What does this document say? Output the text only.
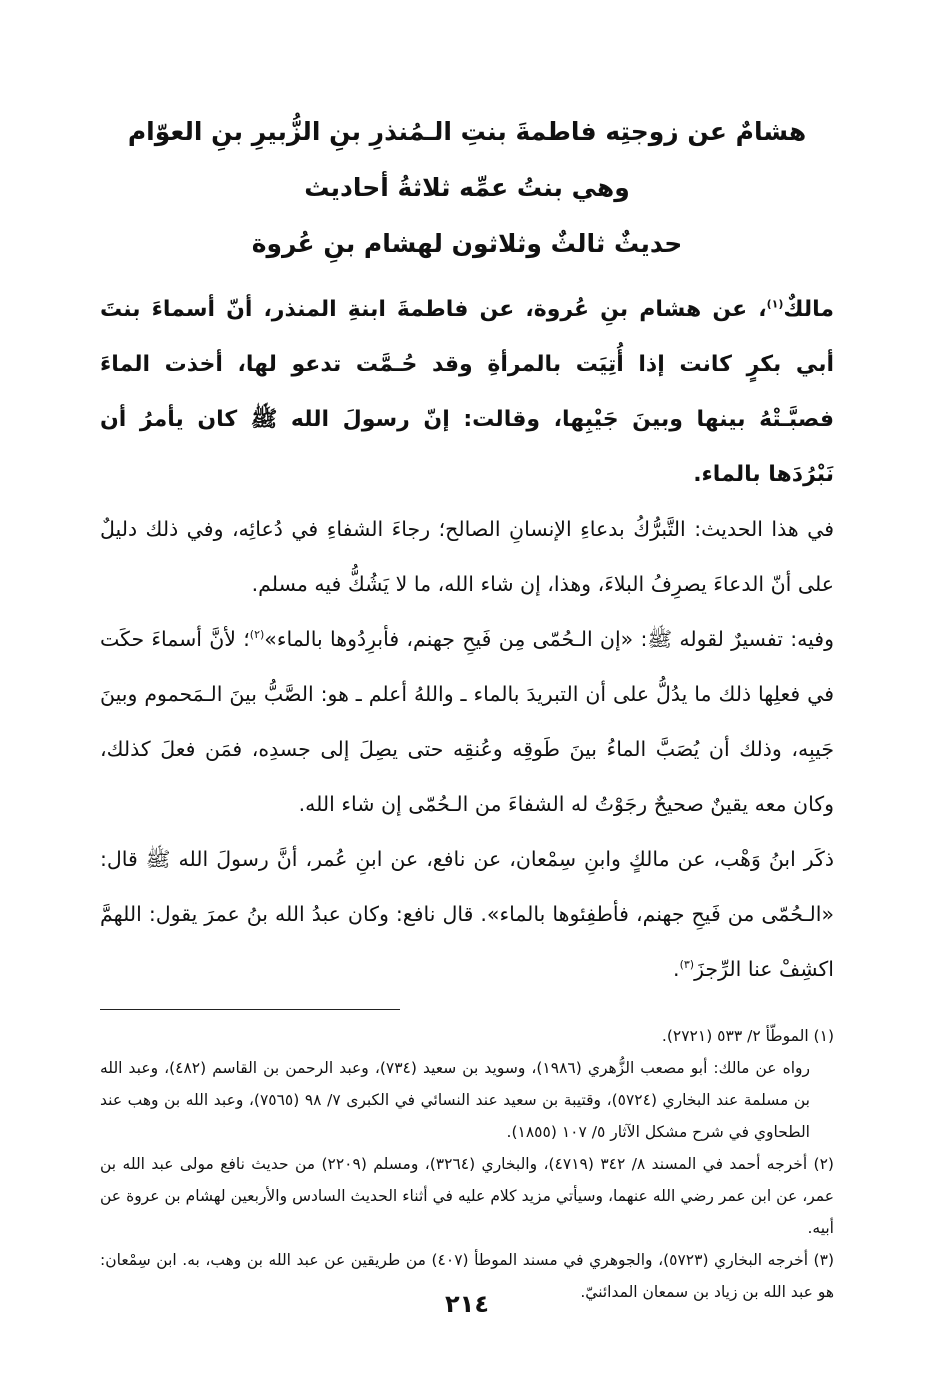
هشامٌ عن زوجتِه فاطمةَ بنتِ الـمُنذرِ بنِ الزُّبيرِ بنِ العوّام

وهي بنتُ عمِّه ثلاثةُ أحاديث

حديثٌ ثالثٌ وثلاثون لهشام بنِ عُروة

مالكٌ$^{(١)}$، عن هشام بنِ عُروة، عن فاطمةَ ابنةِ المنذر، أنّ أسماءَ بنتَ أبي بكرٍ كانت إذا أُتِيَت بالمرأةِ وقد حُـمَّت تدعو لها، أخذت الماءَ فصبَّـتْهُ بينها وبينَ جَيْبِها، وقالت: إنّ رسولَ الله ﷺ كان يأمرُ أن نَبْرُدَها بالماء.

في هذا الحديث: التَّبرُّكُ بدعاءِ الإنسانِ الصالح؛ رجاءَ الشفاءِ في دُعائِه، وفي ذلك دليلٌ على أنّ الدعاءَ يصرِفُ البلاءَ، وهذا، إن شاء الله، ما لا يَشُكُّ فيه مسلم.

وفيه: تفسيرٌ لقوله ﷺ: «إن الـحُمّى مِن فَيحِ جهنم، فأبرِدُوها بالماء»$^{(٢)}$؛ لأنَّ أسماءَ حكَت في فعلِها ذلك ما يدُلُّ على أن التبريدَ بالماء ـ واللهُ أعلم ـ هو: الصَّبُّ بينَ الـمَحموم وبينَ جَيبِه، وذلك أن يُصَبَّ الماءُ بينَ طَوقِه وعُنقِه حتى يصِلَ إلى جسدِه، فمَن فعلَ كذلك، وكان معه يقينٌ صحيحٌ رجَوْتُ له الشفاءَ من الـحُمّى إن شاء الله.

ذكَر ابنُ وَهْب، عن مالكٍ وابنِ سِمْعان، عن نافع، عن ابنِ عُمر، أنَّ رسولَ الله ﷺ قال: «الـحُمّى من فَيحِ جهنم، فأطفِئوها بالماء». قال نافع: وكان عبدُ الله بنُ عمرَ يقول: اللهمَّ اكشِفْ عنا الرِّجزَ$^{(٣)}$.

(١) الموطّأ ٢/ ٥٣٣ (٢٧٢١).

رواه عن مالك: أبو مصعب الزُّهري (١٩٨٦)، وسويد بن سعيد (٧٣٤)، وعبد الرحمن بن القاسم (٤٨٢)، وعبد الله بن مسلمة عند البخاري (٥٧٢٤)، وقتيبة بن سعيد عند النسائي في الكبرى ٧/ ٩٨ (٧٥٦٥)، وعبد الله بن وهب عند الطحاوي في شرح مشكل الآثار ٥/ ١٠٧ (١٨٥٥).

(٢) أخرجه أحمد في المسند ٨/ ٣٤٢ (٤٧١٩)، والبخاري (٣٢٦٤)، ومسلم (٢٢٠٩) من حديث نافع مولى عبد الله بن عمر، عن ابن عمر رضي الله عنهما، وسيأتي مزيد كلام عليه في أثناء الحديث السادس والأربعين لهشام بن عروة عن أبيه.

(٣) أخرجه البخاري (٥٧٢٣)، والجوهري في مسند الموطأ (٤٠٧) من طريقين عن عبد الله بن وهب، به. ابن سِمْعان: هو عبد الله بن زياد بن سمعان المدائنيّ.

٢١٤
